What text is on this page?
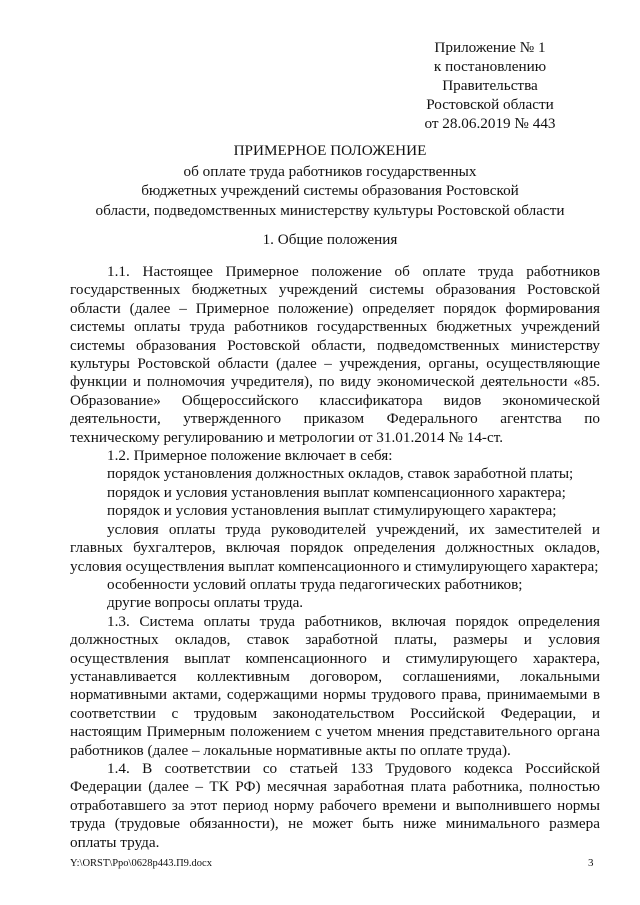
Приложение № 1
к постановлению
Правительства
Ростовской области
от 28.06.2019 № 443
ПРИМЕРНОЕ ПОЛОЖЕНИЕ
об оплате труда работников государственных
бюджетных учреждений системы образования Ростовской
области, подведомственных министерству культуры Ростовской области
1. Общие положения

1.1. Настоящее Примерное положение об оплате труда работников государственных бюджетных учреждений системы образования Ростовской области (далее – Примерное положение) определяет порядок формирования системы оплаты труда работников государственных бюджетных учреждений системы образования Ростовской области, подведомственных министерству культуры Ростовской области (далее – учреждения, органы, осуществляющие функции и полномочия учредителя), по виду экономической деятельности «85. Образование» Общероссийского классификатора видов экономической деятельности, утвержденного приказом Федерального агентства по техническому регулированию и метрологии от 31.01.2014 № 14-ст.

1.2. Примерное положение включает в себя:

порядок установления должностных окладов, ставок заработной платы;

порядок и условия установления выплат компенсационного характера;

порядок и условия установления выплат стимулирующего характера;

условия оплаты труда руководителей учреждений, их заместителей и главных бухгалтеров, включая порядок определения должностных окладов, условия осуществления выплат компенсационного и стимулирующего характера;

особенности условий оплаты труда педагогических работников;

другие вопросы оплаты труда.

1.3. Система оплаты труда работников, включая порядок определения должностных окладов, ставок заработной платы, размеры и условия осуществления выплат компенсационного и стимулирующего характера, устанавливается коллективным договором, соглашениями, локальными нормативными актами, содержащими нормы трудового права, принимаемыми в соответствии с трудовым законодательством Российской Федерации, и настоящим Примерным положением с учетом мнения представительного органа работников (далее – локальные нормативные акты по оплате труда).

1.4. В соответствии со статьей 133 Трудового кодекса Российской Федерации (далее – ТК РФ) месячная заработная плата работника, полностью отработавшего за этот период норму рабочего времени и выполнившего нормы труда (трудовые обязанности), не может быть ниже минимального размера оплаты труда.

Y:\ORST\Ppo\0628p443.П9.docx	3
